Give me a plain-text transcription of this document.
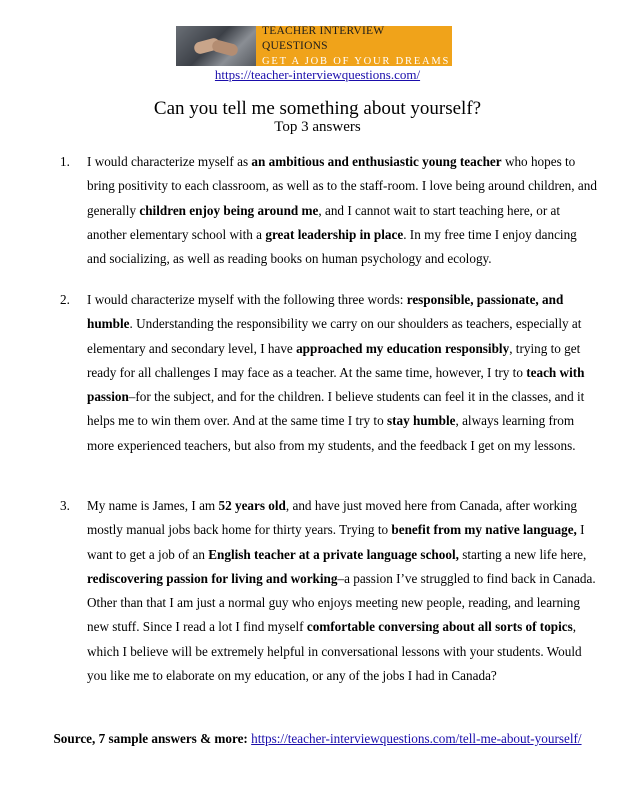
TEACHER INTERVIEW QUESTIONS
GET A JOB OF YOUR DREAMS
https://teacher-interviewquestions.com/
Can you tell me something about yourself?
Top 3 answers
1. I would characterize myself as an ambitious and enthusiastic young teacher who hopes to bring positivity to each classroom, as well as to the staff-room. I love being around children, and generally children enjoy being around me, and I cannot wait to start teaching here, or at another elementary school with a great leadership in place. In my free time I enjoy dancing and socializing, as well as reading books on human psychology and ecology.
2. I would characterize myself with the following three words: responsible, passionate, and humble. Understanding the responsibility we carry on our shoulders as teachers, especially at elementary and secondary level, I have approached my education responsibly, trying to get ready for all challenges I may face as a teacher. At the same time, however, I try to teach with passion–for the subject, and for the children. I believe students can feel it in the classes, and it helps me to win them over. And at the same time I try to stay humble, always learning from more experienced teachers, but also from my students, and the feedback I get on my lessons.
3. My name is James, I am 52 years old, and have just moved here from Canada, after working mostly manual jobs back home for thirty years. Trying to benefit from my native language, I want to get a job of an English teacher at a private language school, starting a new life here, rediscovering passion for living and working–a passion I’ve struggled to find back in Canada. Other than that I am just a normal guy who enjoys meeting new people, reading, and learning new stuff. Since I read a lot I find myself comfortable conversing about all sorts of topics, which I believe will be extremely helpful in conversational lessons with your students. Would you like me to elaborate on my education, or any of the jobs I had in Canada?
Source, 7 sample answers & more: https://teacher-interviewquestions.com/tell-me-about-yourself/
